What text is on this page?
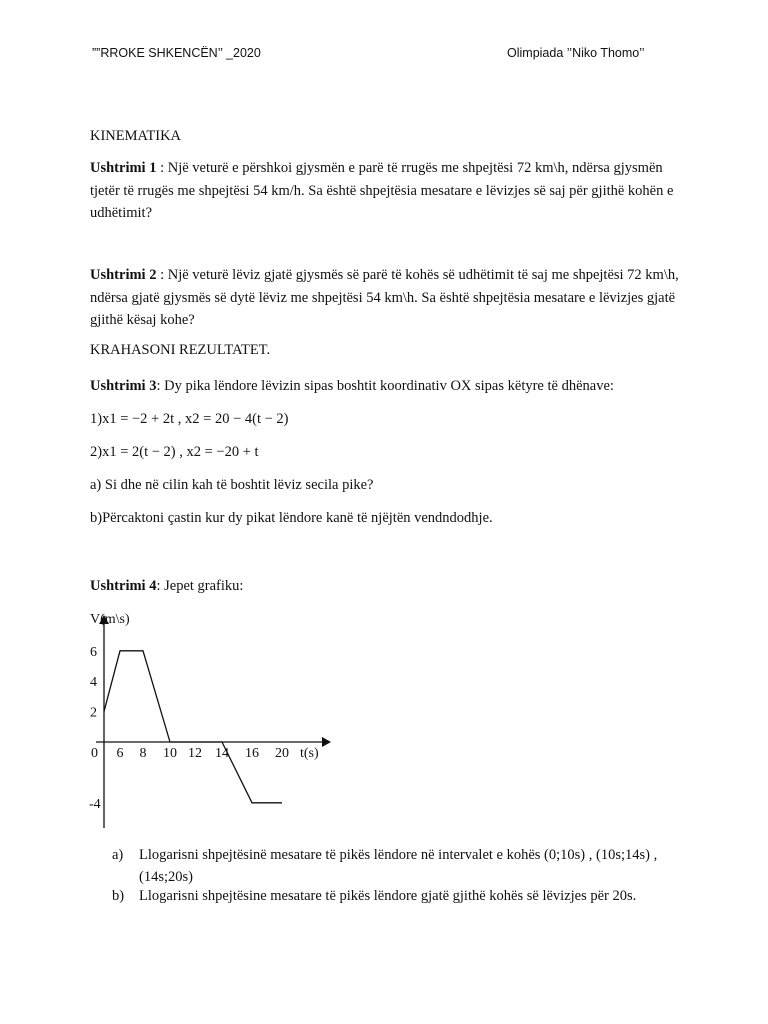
””RROKE SHKENCËN’’ _2020	Olimpiada ’’Niko Thomo’’
KINEMATIKA
Ushtrimi 1 : Një veturë e përshkoi gjysmën e parë të rrugës me shpejtësi 72 km\h, ndërsa gjysmën tjetër të rrugës me shpejtësi 54 km/h. Sa është shpejtësia mesatare e lëvizjes së saj për gjithë kohën e udhëtimit?
Ushtrimi 2 : Një veturë lëviz gjatë gjysmës së parë të kohës së udhëtimit të saj me shpejtësi 72 km\h, ndërsa gjatë gjysmës së dytë lëviz me shpejtësi 54 km\h. Sa është shpejtësia mesatare e lëvizjes gjatë gjithë kësaj kohe?
KRAHASONI REZULTATET.
Ushtrimi 3: Dy pika lëndore lëvizin sipas boshtit koordinativ OX sipas këtyre të dhënave:
1)x1 = −2 + 2t , x2 = 20 − 4(t − 2)
2)x1 = 2(t − 2) , x2 = −20 + t
a) Si dhe në cilin kah të boshtit lëviz secila pike?
b)Përcaktoni çastin kur dy pikat lëndore kanë të njëjtën vendndodhje.
Ushtrimi 4: Jepet grafiku:
V(m\s)
t(s)
6
4
2
-4
0 6 8 10 12 14 16 20
a)	Llogarisni shpejtësinë mesatare të pikës lëndore në intervalet e kohës (0;10s) , (10s;14s) , (14s;20s)
b)	Llogarisni shpejtësine mesatare të pikës lëndore gjatë gjithë kohës së lëvizjes për 20s.
